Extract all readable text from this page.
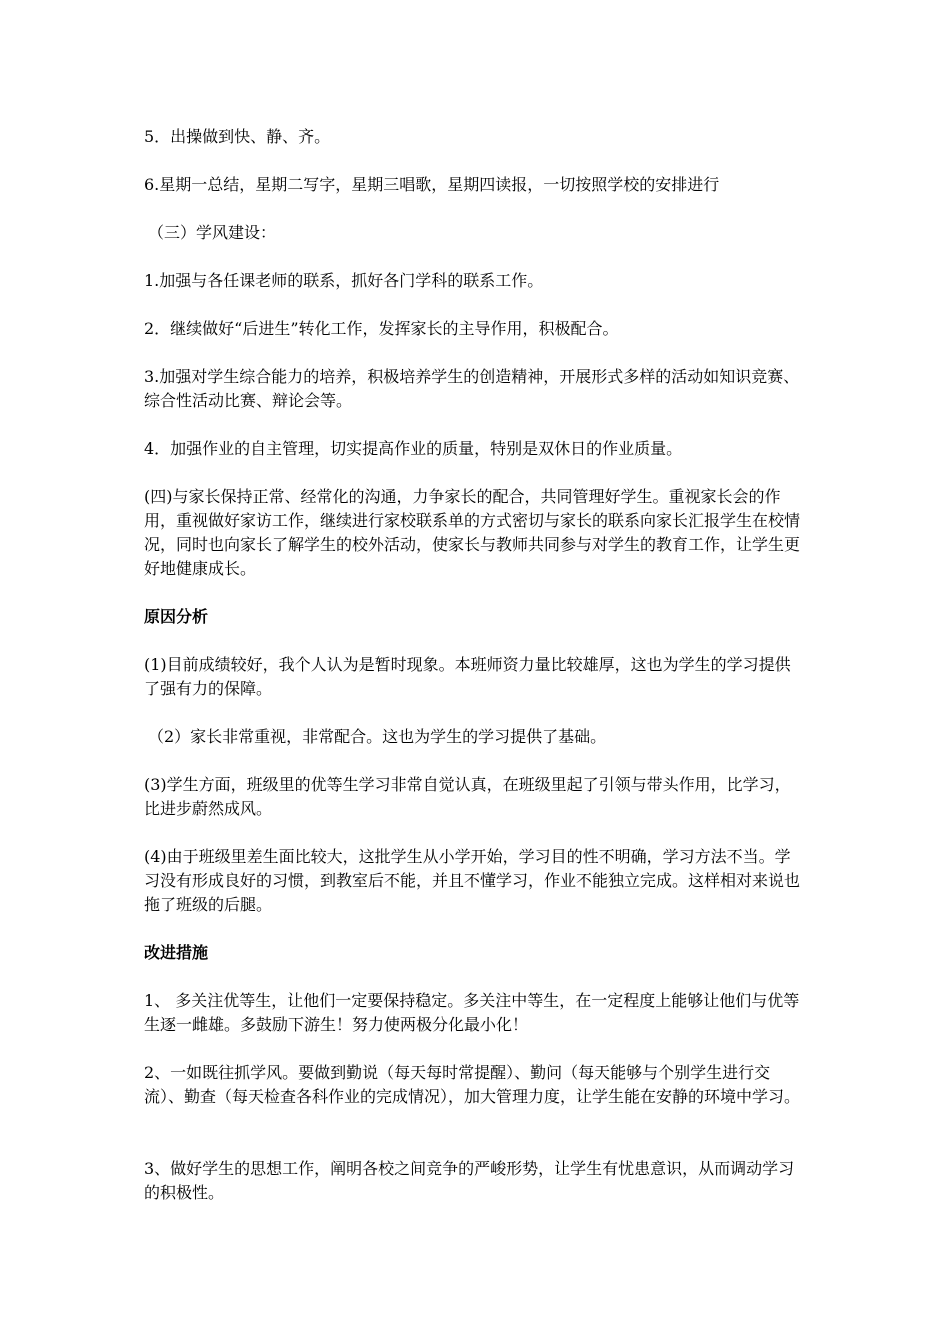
5．出操做到快、静、齐。

6.星期一总结，星期二写字，星期三唱歌，星期四读报，一切按照学校的安排进行

（三）学风建设：

1.加强与各任课老师的联系，抓好各门学科的联系工作。

2．继续做好“后进生”转化工作，发挥家长的主导作用，积极配合。

3.加强对学生综合能力的培养，积极培养学生的创造精神，开展形式多样的活动如知识竞赛、综合性活动比赛、辩论会等。

4．加强作业的自主管理，切实提高作业的质量，特别是双休日的作业质量。

(四)与家长保持正常、经常化的沟通，力争家长的配合，共同管理好学生。重视家长会的作用，重视做好家访工作，继续进行家校联系单的方式密切与家长的联系向家长汇报学生在校情况，同时也向家长了解学生的校外活动，使家长与教师共同参与对学生的教育工作，让学生更好地健康成长。

原因分析

(1)目前成绩较好，我个人认为是暂时现象。本班师资力量比较雄厚，这也为学生的学习提供了强有力的保障。

（2）家长非常重视，非常配合。这也为学生的学习提供了基础。

(3)学生方面，班级里的优等生学习非常自觉认真，在班级里起了引领与带头作用，比学习，比进步蔚然成风。

(4)由于班级里差生面比较大，这批学生从小学开始，学习目的性不明确，学习方法不当。学习没有形成良好的习惯，到教室后不能，并且不懂学习，作业不能独立完成。这样相对来说也拖了班级的后腿。

改进措施

1、 多关注优等生，让他们一定要保持稳定。多关注中等生，在一定程度上能够让他们与优等生逐一雌雄。多鼓励下游生！努力使两极分化最小化！

2、一如既往抓学风。要做到勤说（每天每时常提醒）、勤问（每天能够与个别学生进行交流）、勤查（每天检查各科作业的完成情况），加大管理力度，让学生能在安静的环境中学习。

3、做好学生的思想工作，阐明各校之间竞争的严峻形势，让学生有忧患意识，从而调动学习的积极性。
